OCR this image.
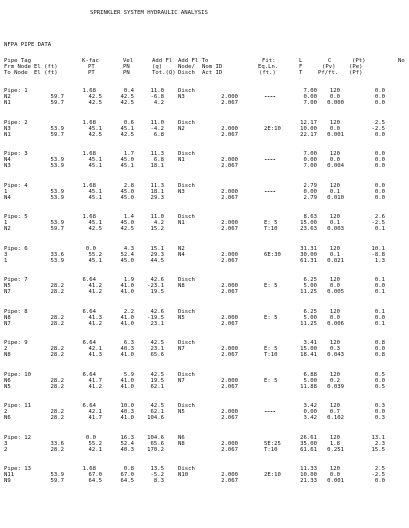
SPRINKLER SYSTEM HYDRAULIC ANALYSIS
NFPA PIPE DATA
Pipe Tag	K-fac	Vel	Add Fl Add Fl To	Fit:	L	C	(Pt)	No
Frm Node El (ft)	PT	PN	(q)	Node/ Nom ID	Eq.Ln.	F	(Pv) (Pe)
To Node El (ft)	PT	PN	Tot.(Q) Disch Act ID	(ft.)	T	Pf/ft. (Pf)
Pipe: 1	1.68	0.4	11.0	Disch	7.00 120	0.0
N2	59.7	42.5	42.5	-6.8	N3	2.000	----	0.00 0.0	0.0
N1	59.7	42.5	42.5	4.2	2.067	7.00 0.000	0.0
Pipe: 2	1.68	0.6	11.0	Disch	12.17 120	2.5
N3	53.9	45.1	45.1	-4.2	N2	2.000	2E:10	10.00 0.0	-2.5
N1	59.7	42.5	42.5	6.8	2.067	22.17 0.001	0.0
Pipe: 3	1.68	1.7	11.3	Disch	7.00 120	0.0
N4	53.9	45.1	45.0	6.8	N1	2.000	----	0.00 0.0	0.0
N3	53.9	45.1	45.1	18.1	2.067	7.00 0.004	0.0
Pipe: 4	1.68	2.8	11.3	Disch	2.79 120	0.0
1	53.9	45.1	45.0	18.1	N3	2.000	----	0.00 0.1	0.0
N4	53.9	45.1	45.0	29.3	2.067	2.79 0.010	0.0
Pipe: 5	1.68	1.4	11.0	Disch	8.63 120	2.6
1	53.9	45.1	45.0	4.2	N1	2.000	E: 5	15.00 0.1	-2.5
N2	59.7	42.5	42.5	15.2	2.067	T:10	23.63 0.003	0.1
Pipe: 6	0.0	4.3	15.1	N2	31.31 120	10.1
3	33.6	55.2	52.4	29.3	N4	2.000	6E:30	30.00 0.1	-8.8
1	53.9	45.1	45.0	44.5	2.067	61.31 0.021	1.3
Pipe: 7	6.64	1.9	42.6	Disch	6.25 120	0.1
N5	28.2	41.2	41.0 -23.1	N8	2.000	E: 5	5.00 0.0	0.0
N7	28.2	41.2	41.0	19.5	2.067	11.25 0.005	0.1
Pipe: 8	6.64	2.2	42.6	Disch	6.25 120	0.1
N8	28.2	41.3	41.0 -19.5	N5	2.000	E: 5	5.00 0.0	0.0
N7	28.2	41.2	41.0	23.1	2.067	11.25 0.006	0.1
Pipe: 9	6.64	6.3	42.5	Disch	3.41 120	0.8
2	28.2	42.1	40.3	23.1	N7	2.000	E: 5	15.00 0.3	0.0
N8	28.2	41.3	41.0	65.6	2.067	T:10	18.41 0.043	0.8
Pipe: 10	6.64	5.9	42.5	Disch	6.88 120	0.5
N6	28.2	41.7	41.0	19.5	N7	2.000	E: 5	5.00 0.2	0.0
N5	28.2	41.2	41.0	62.1	2.067	11.88 0.039	0.5
Pipe: 11	6.64	10.0	42.5	Disch	3.42 120	0.3
2	28.2	42.1	40.3	62.1	N5	2.000	----	0.00 0.7	0.0
N6	28.2	41.7	41.0 104.6	2.067	3.42 0.102	0.3
Pipe: 12	0.0	16.3 104.6	N6	26.61 120	13.1
3	33.6	55.2	52.4	65.6	N8	2.000	5E:25	35.00 1.8	2.3
2	28.2	42.1	40.3 170.2	2.067	T:10	61.61 0.251	15.5
Pipe: 13	1.68	0.8	13.5	Disch	11.33 120	2.5
N11	53.9	67.0	67.0	-5.2	N10	2.000	2E:10	10.00 0.0	-2.5
N9	59.7	64.5	64.5	8.3	2.067	21.33 0.001	0.0
